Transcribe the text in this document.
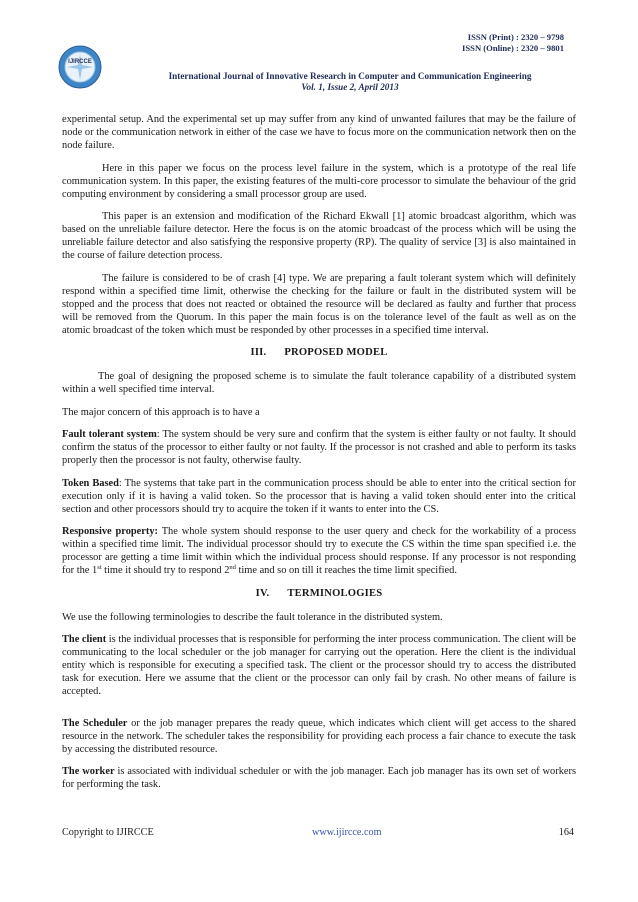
IJIRCCE
ISSN (Print) : 2320 – 9798
ISSN (Online) : 2320 – 9801
International Journal of Innovative Research in Computer and Communication Engineering
Vol. 1, Issue 2, April 2013

experimental setup. And the experimental set up may suffer from any kind of unwanted failures that may be the failure of node or the communication network in either of the case we have to focus more on the communication network then on the node failure.

Here in this paper we focus on the process level failure in the system, which is a prototype of the real life communication system. In this paper, the existing features of the multi-core processor to simulate the behaviour of the grid computing environment by considering a small processor group are used.

This paper is an extension and modification of the Richard Ekwall [1] atomic broadcast algorithm, which was based on the unreliable failure detector. Here the focus is on the atomic broadcast of the process which will be using the unreliable failure detector and also satisfying the responsive property (RP). The quality of service [3] is also maintained in the course of failure detection process.

The failure is considered to be of crash [4] type. We are preparing a fault tolerant system which will definitely respond within a specified time limit, otherwise the checking for the failure or fault in the distributed system will be stopped and the process that does not reacted or obtained the resource will be declared as faulty and further that process will be removed from the Quorum. In this paper the main focus is on the tolerance level of the fault as well as on the atomic broadcast of the token which must be responded by other processes in a specified time interval.

III. PROPOSED MODEL

The goal of designing the proposed scheme is to simulate the fault tolerance capability of a distributed system within a well specified time interval.

The major concern of this approach is to have a

Fault tolerant system: The system should be very sure and confirm that the system is either faulty or not faulty. It should confirm the status of the processor to either faulty or not faulty. If the processor is not crashed and able to perform its tasks properly then the processor is not faulty, otherwise faulty.

Token Based: The systems that take part in the communication process should be able to enter into the critical section for execution only if it is having a valid token. So the processor that is having a valid token should enter into the critical section and other processors should try to acquire the token if it wants to enter into the CS.

Responsive property: The whole system should response to the user query and check for the workability of a process within a specified time limit. The individual processor should try to execute the CS within the time span specified i.e. the processor are getting a time limit within which the individual process should response. If any processor is not responding for the 1st time it should try to respond 2nd time and so on till it reaches the time limit specified.

IV. TERMINOLOGIES

We use the following terminologies to describe the fault tolerance in the distributed system.

The client is the individual processes that is responsible for performing the inter process communication. The client will be communicating to the local scheduler or the job manager for carrying out the operation. Here the client is the individual entity which is responsible for executing a specified task. The client or the processor should try to access the distributed task for execution. Here we assume that the client or the processor can only fail by crash. No other means of failure is accepted.

The Scheduler or the job manager prepares the ready queue, which indicates which client will get access to the shared resource in the network. The scheduler takes the responsibility for providing each process a fair chance to execute the task by accessing the distributed resource.

The worker is associated with individual scheduler or with the job manager. Each job manager has its own set of workers for performing the task.

Copyright to IJIRCCE	www.ijircce.com	164
